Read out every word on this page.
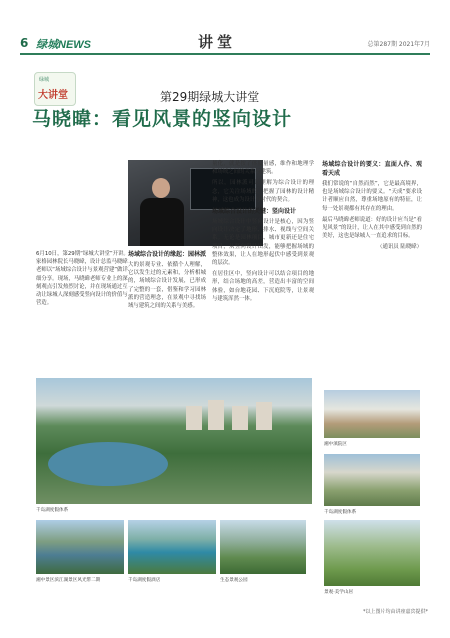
6 绿城NEWS	讲堂	总第287期 2021年7月
绿城
大讲堂	第29期绿城大讲堂
马晓暐：看见风景的竖向设计
6月10日，第29期“绿城大讲堂”开讲。家格园林院长马晓暐，设计总监马晓暐老师以“场域综合设计与景观营建”做详细分享。现场，马晓暐老师专业上的深刻观点引发热烈讨论，并在现场通过互动让绿城人深刻感受竖向设计的价值与营造。
场域综合设计的缘起：园林派

大的景观专业、依循个人理解，它以发生过的元素和，分析相城的，场域综合设计发展，已形成了完整的一套，借鉴和学习园林派的营造理念，在景观中寻找场域与建筑之间的关系与美感。

量化，就是按了体度量感，维作和地理学和场域之间的关系与建筑。

所以，园林派可以理解为综合设计的理念，它关注场域的，把握了园林的设计精神，这也成为设计与时代的契合。

场域综合设计的关键：竖向设计

场域综合设计中竖向设计是核心，因为竖向设计决定了地形、排水、视线与空间关系。无论是园林项目、城市更新还是住宅项目，从竖向设计出发，能够把握场域的整体效果，让人在地形起伏中感受到景观的层次。

在居住区中，竖向设计可以结合项目的地形，结合场地的高差，营造出丰富的空间体验，如台地花园、下沉庭院等，让景观与建筑浑然一体。

场域综合设计的要义：直面人作、观看天成

我们常说的“自然而然”，它是最高境界，也是场域综合设计的要义。“天成”要求设计者顺应自然，尊重场地原有的特征，让每一处景观都有其存在的理由。

最后马晓暐老师说道：好的设计应当是“看见风景”的设计，让人在其中感受到自然的美好，这也是绿城人一直追求的目标。

（通讯员 陆晓暐）

千岛湖度假体系
湘中滇院区
千岛湖度假体系
湘中景区滨江湖景区风光带二期	千岛湖度假酒店	生态景观公园
景观·美学山居
*以上图片均由讲座嘉宾提供*
